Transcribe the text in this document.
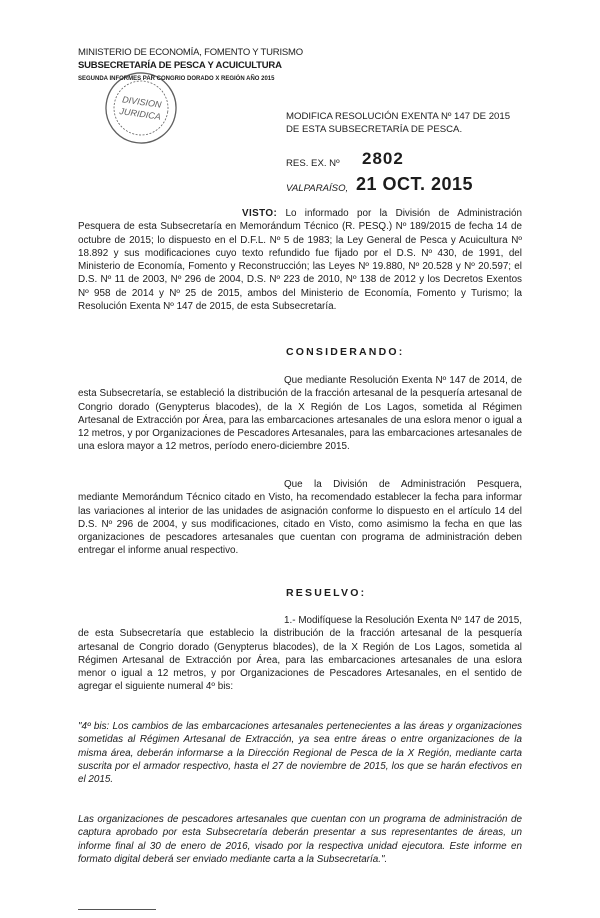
MINISTERIO DE ECONOMÍA, FOMENTO Y TURISMO
SUBSECRETARÍA DE PESCA Y ACUICULTURA
SEGUNDA INFORMES PAR CONGRIO DORADO X REGIÓN AÑO 2015
DIVISION
JURIDICA	MODIFICA RESOLUCIÓN EXENTA Nº 147 DE 2015 DE ESTA SUBSECRETARÍA DE PESCA.
RES. EX. Nº 2802
VALPARAÍSO, 21 OCT. 2015
VISTO: Lo informado por la División de Administración Pesquera de esta Subsecretaría en Memorándum Técnico (R. PESQ.) Nº 189/2015 de fecha 14 de octubre de 2015; lo dispuesto en el D.F.L. Nº 5 de 1983; la Ley General de Pesca y Acuicultura Nº 18.892 y sus modificaciones cuyo texto refundido fue fijado por el D.S. Nº 430, de 1991, del Ministerio de Economía, Fomento y Reconstrucción; las Leyes Nº 19.880, Nº 20.528 y Nº 20.597; el D.S. Nº 11 de 2003, Nº 296 de 2004, D.S. Nº 223 de 2010, Nº 138 de 2012 y los Decretos Exentos Nº 958 de 2014 y Nº 25 de 2015, ambos del Ministerio de Economía, Fomento y Turismo; la Resolución Exenta Nº 147 de 2015, de esta Subsecretaría.
CONSIDERANDO:
Que mediante Resolución Exenta Nº 147 de 2014, de esta Subsecretaría, se estableció la distribución de la fracción artesanal de la pesquería artesanal de Congrio dorado (Genypterus blacodes), de la X Región de Los Lagos, sometida al Régimen Artesanal de Extracción por Área, para las embarcaciones artesanales de una eslora menor o igual a 12 metros, y por Organizaciones de Pescadores Artesanales, para las embarcaciones artesanales de una eslora mayor a 12 metros, período enero-diciembre 2015.
Que la División de Administración Pesquera, mediante Memorándum Técnico citado en Visto, ha recomendado establecer la fecha para informar las variaciones al interior de las unidades de asignación conforme lo dispuesto en el artículo 14 del D.S. Nº 296 de 2004, y sus modificaciones, citado en Visto, como asimismo la fecha en que las organizaciones de pescadores artesanales que cuentan con programa de administración deben entregar el informe anual respectivo.
RESUELVO:
1.- Modifíquese la Resolución Exenta Nº 147 de 2015, de esta Subsecretaría que establecio la distribución de la fracción artesanal de la pesquería artesanal de Congrio dorado (Genypterus blacodes), de la X Región de Los Lagos, sometida al Régimen Artesanal de Extracción por Área, para las embarcaciones artesanales de una eslora menor o igual a 12 metros, y por Organizaciones de Pescadores Artesanales, en el sentido de agregar el siguiente numeral 4º bis:
"4º bis: Los cambios de las embarcaciones artesanales pertenecientes a las áreas y organizaciones sometidas al Régimen Artesanal de Extracción, ya sea entre áreas o entre organizaciones de la misma área, deberán informarse a la Dirección Regional de Pesca de la X Región, mediante carta suscrita por el armador respectivo, hasta el 27 de noviembre de 2015, los que se harán efectivos en el 2015.
Las organizaciones de pescadores artesanales que cuentan con un programa de administración de captura aprobado por esta Subsecretaría deberán presentar a sus representantes de áreas, un informe final al 30 de enero de 2016, visado por la respectiva unidad ejecutora. Este informe en formato digital deberá ser enviado mediante carta a la Subsecretaría.".
